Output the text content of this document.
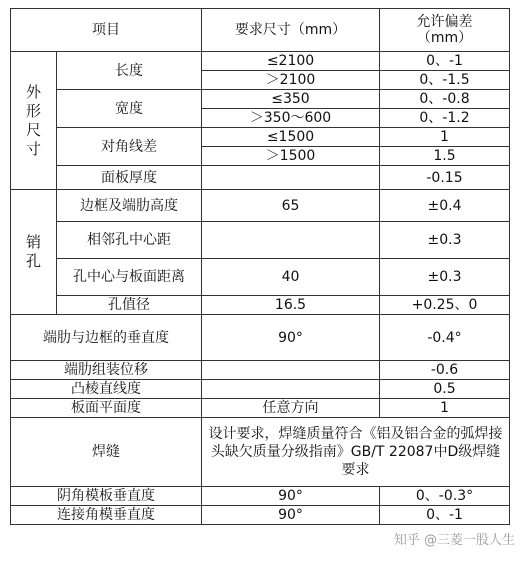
项目		要求尺寸（mm）	允许偏差
（mm）

外
形
尺
寸	长度	≤2100	0、-1
		＞2100	0、-1.5
	宽度	≤350	0、-0.8
		＞350～600	0、-1.2
	对角线差	≤1500	1
		＞1500	1.5
	面板厚度		-0.15

销
孔	边框及端肋高度	65	±0.4
	相邻孔中心距		±0.3
	孔中心与板面距离	40	±0.3
	孔值径	16.5	+0.25、0
端肋与边框的垂直度		90°	-0.4°
端肋组装位移			-0.6
凸棱直线度			0.5
板面平面度		任意方向	1
焊缝		设计要求，焊缝质量符合《铝及铝合金的弧焊接头缺欠质量分级指南》GB/T 22087中D级焊缝要求	
阴角模板垂直度		90°	0、-0.3°
连接角模垂直度		90°	0、-1
知乎 @三菱一股人生
